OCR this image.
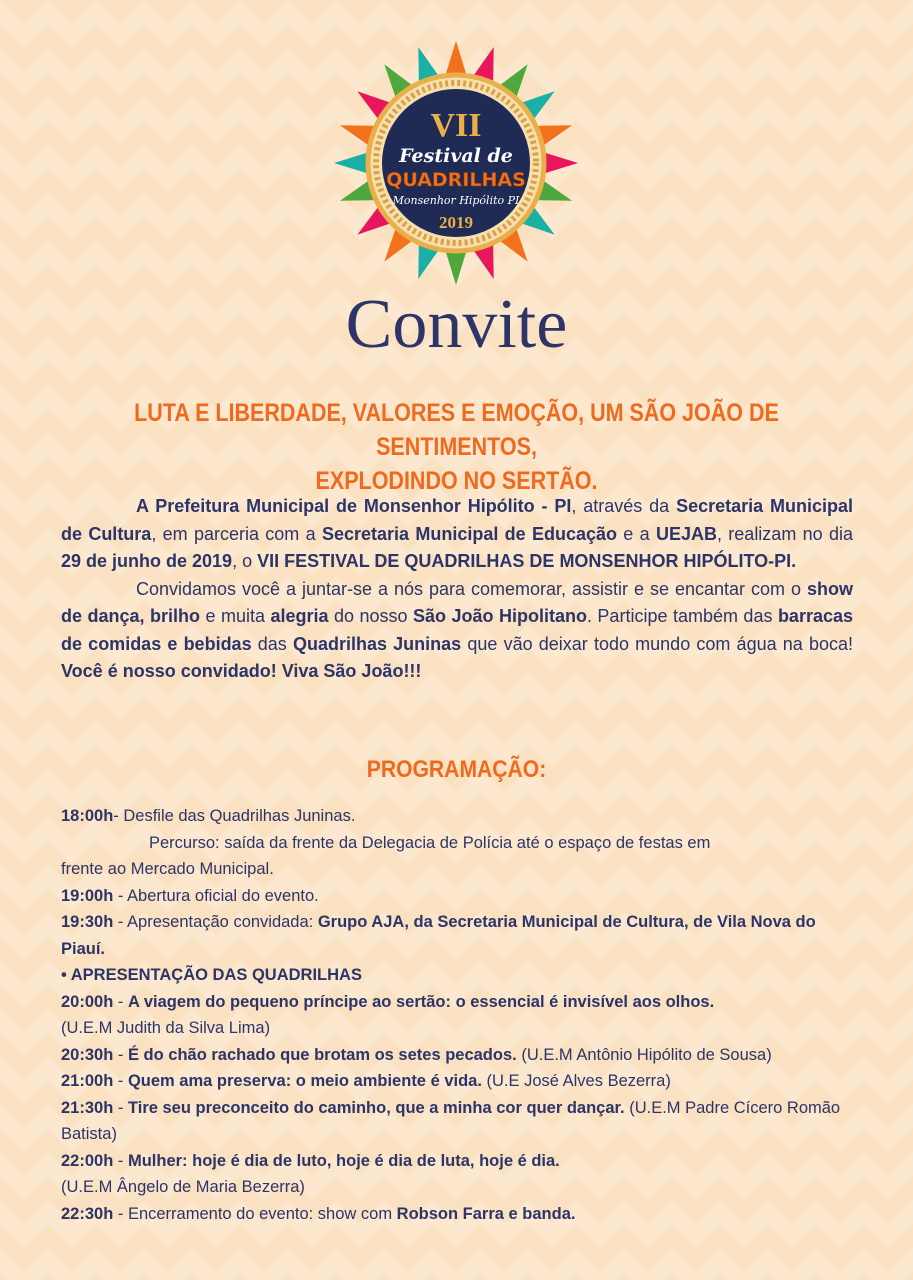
VII
Festival de
QUADRILHAS
Monsenhor Hipólito PI
2019
Convite
LUTA E LIBERDADE, VALORES E EMOÇÃO, UM SÃO JOÃO DE SENTIMENTOS,
EXPLODINDO NO SERTÃO.

A Prefeitura Municipal de Monsenhor Hipólito - PI, através da Secretaria Municipal de Cultura, em parceria com a Secretaria Municipal de Educação e a UEJAB, realizam no dia 29 de junho de 2019, o VII FESTIVAL DE QUADRILHAS DE MONSENHOR HIPÓLITO-PI.

Convidamos você a juntar-se a nós para comemorar, assistir e se encantar com o show de dança, brilho e muita alegria do nosso São João Hipolitano. Participe também das barracas de comidas e bebidas das Quadrilhas Juninas que vão deixar todo mundo com água na boca! Você é nosso convidado! Viva São João!!!

PROGRAMAÇÃO:
18:00h- Desfile das Quadrilhas Juninas.
Percurso: saída da frente da Delegacia de Polícia até o espaço de festas em
frente ao Mercado Municipal.
19:00h - Abertura oficial do evento.
19:30h - Apresentação convidada: Grupo AJA, da Secretaria Municipal de Cultura, de Vila Nova do Piauí.
• APRESENTAÇÃO DAS QUADRILHAS
20:00h - A viagem do pequeno príncipe ao sertão: o essencial é invisível aos olhos.
(U.E.M Judith da Silva Lima)
20:30h - É do chão rachado que brotam os setes pecados. (U.E.M Antônio Hipólito de Sousa)
21:00h - Quem ama preserva: o meio ambiente é vida. (U.E José Alves Bezerra)
21:30h - Tire seu preconceito do caminho, que a minha cor quer dançar. (U.E.M Padre Cícero Romão Batista)
22:00h - Mulher: hoje é dia de luto, hoje é dia de luta, hoje é dia.
(U.E.M Ângelo de Maria Bezerra)
22:30h - Encerramento do evento: show com Robson Farra e banda.
